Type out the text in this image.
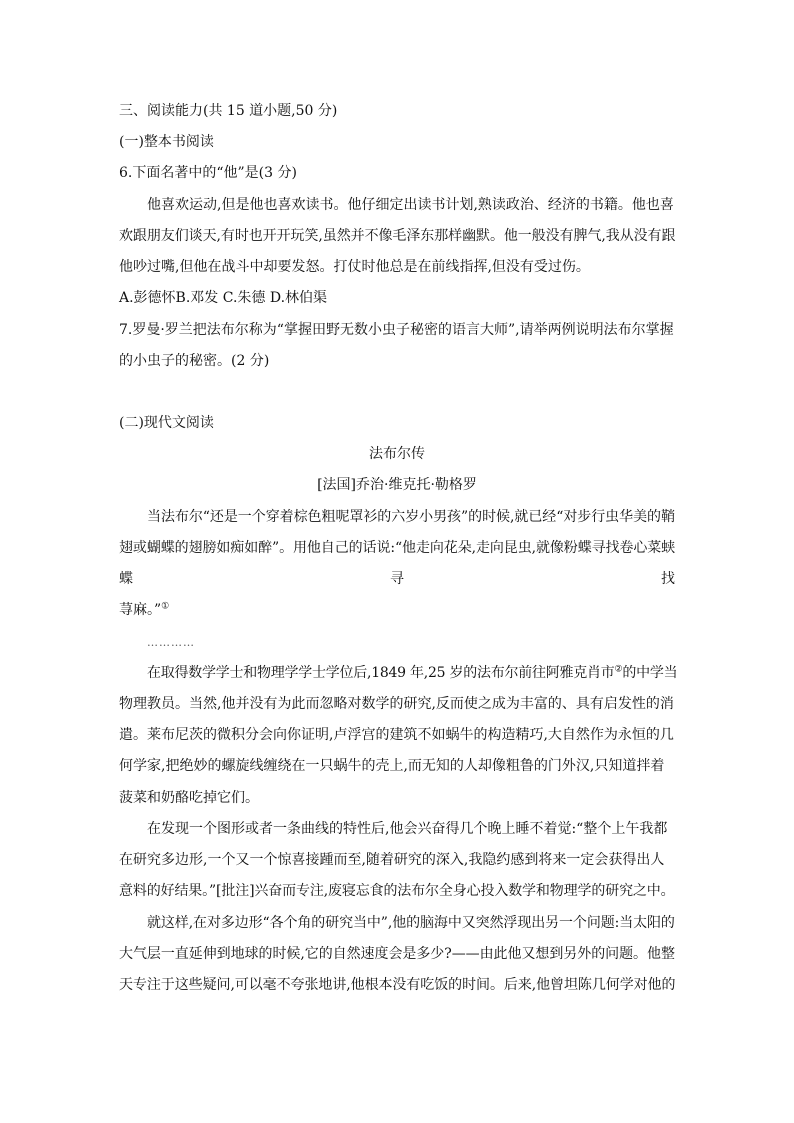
三、阅读能力(共 15 道小题,50 分)
(一)整本书阅读
6.下面名著中的“他”是(3 分)
他喜欢运动,但是他也喜欢读书。他仔细定出读书计划,熟读政治、经济的书籍。他也喜
欢跟朋友们谈天,有时也开开玩笑,虽然并不像毛泽东那样幽默。他一般没有脾气,我从没有跟
他吵过嘴,但他在战斗中却要发怒。打仗时他总是在前线指挥,但没有受过伤。
A.彭德怀B.邓发 C.朱德 D.林伯渠
7.罗曼·罗兰把法布尔称为“掌握田野无数小虫子秘密的语言大师”,请举两例说明法布尔掌握
的小虫子的秘密。(2 分)
(二)现代文阅读
法布尔传
[法国]乔治·维克托·勒格罗
当法布尔“还是一个穿着棕色粗呢罩衫的六岁小男孩”的时候,就已经“对步行虫华美的鞘
翅或蝴蝶的翅膀如痴如醉”。用他自己的话说:“他走向花朵,走向昆虫,就像粉蝶寻找卷心菜蛱
蝶	寻	找
荨麻。”①
…………
在取得数学学士和物理学学士学位后,1849 年,25 岁的法布尔前往阿雅克肖市②的中学当
物理教员。当然,他并没有为此而忽略对数学的研究,反而使之成为丰富的、具有启发性的消
遣。莱布尼茨的微积分会向你证明,卢浮宫的建筑不如蜗牛的构造精巧,大自然作为永恒的几
何学家,把绝妙的螺旋线缠绕在一只蜗牛的壳上,而无知的人却像粗鲁的门外汉,只知道拌着
菠菜和奶酪吃掉它们。
在发现一个图形或者一条曲线的特性后,他会兴奋得几个晚上睡不着觉:“整个上午我都
在研究多边形,一个又一个惊喜接踵而至,随着研究的深入,我隐约感到将来一定会获得出人
意料的好结果。”[批注]兴奋而专注,废寝忘食的法布尔全身心投入数学和物理学的研究之中。
就这样,在对多边形“各个角的研究当中”,他的脑海中又突然浮现出另一个问题:当太阳的
大气层一直延伸到地球的时候,它的自然速度会是多少?——由此他又想到另外的问题。他整
天专注于这些疑问,可以毫不夸张地讲,他根本没有吃饭的时间。后来,他曾坦陈几何学对他的
